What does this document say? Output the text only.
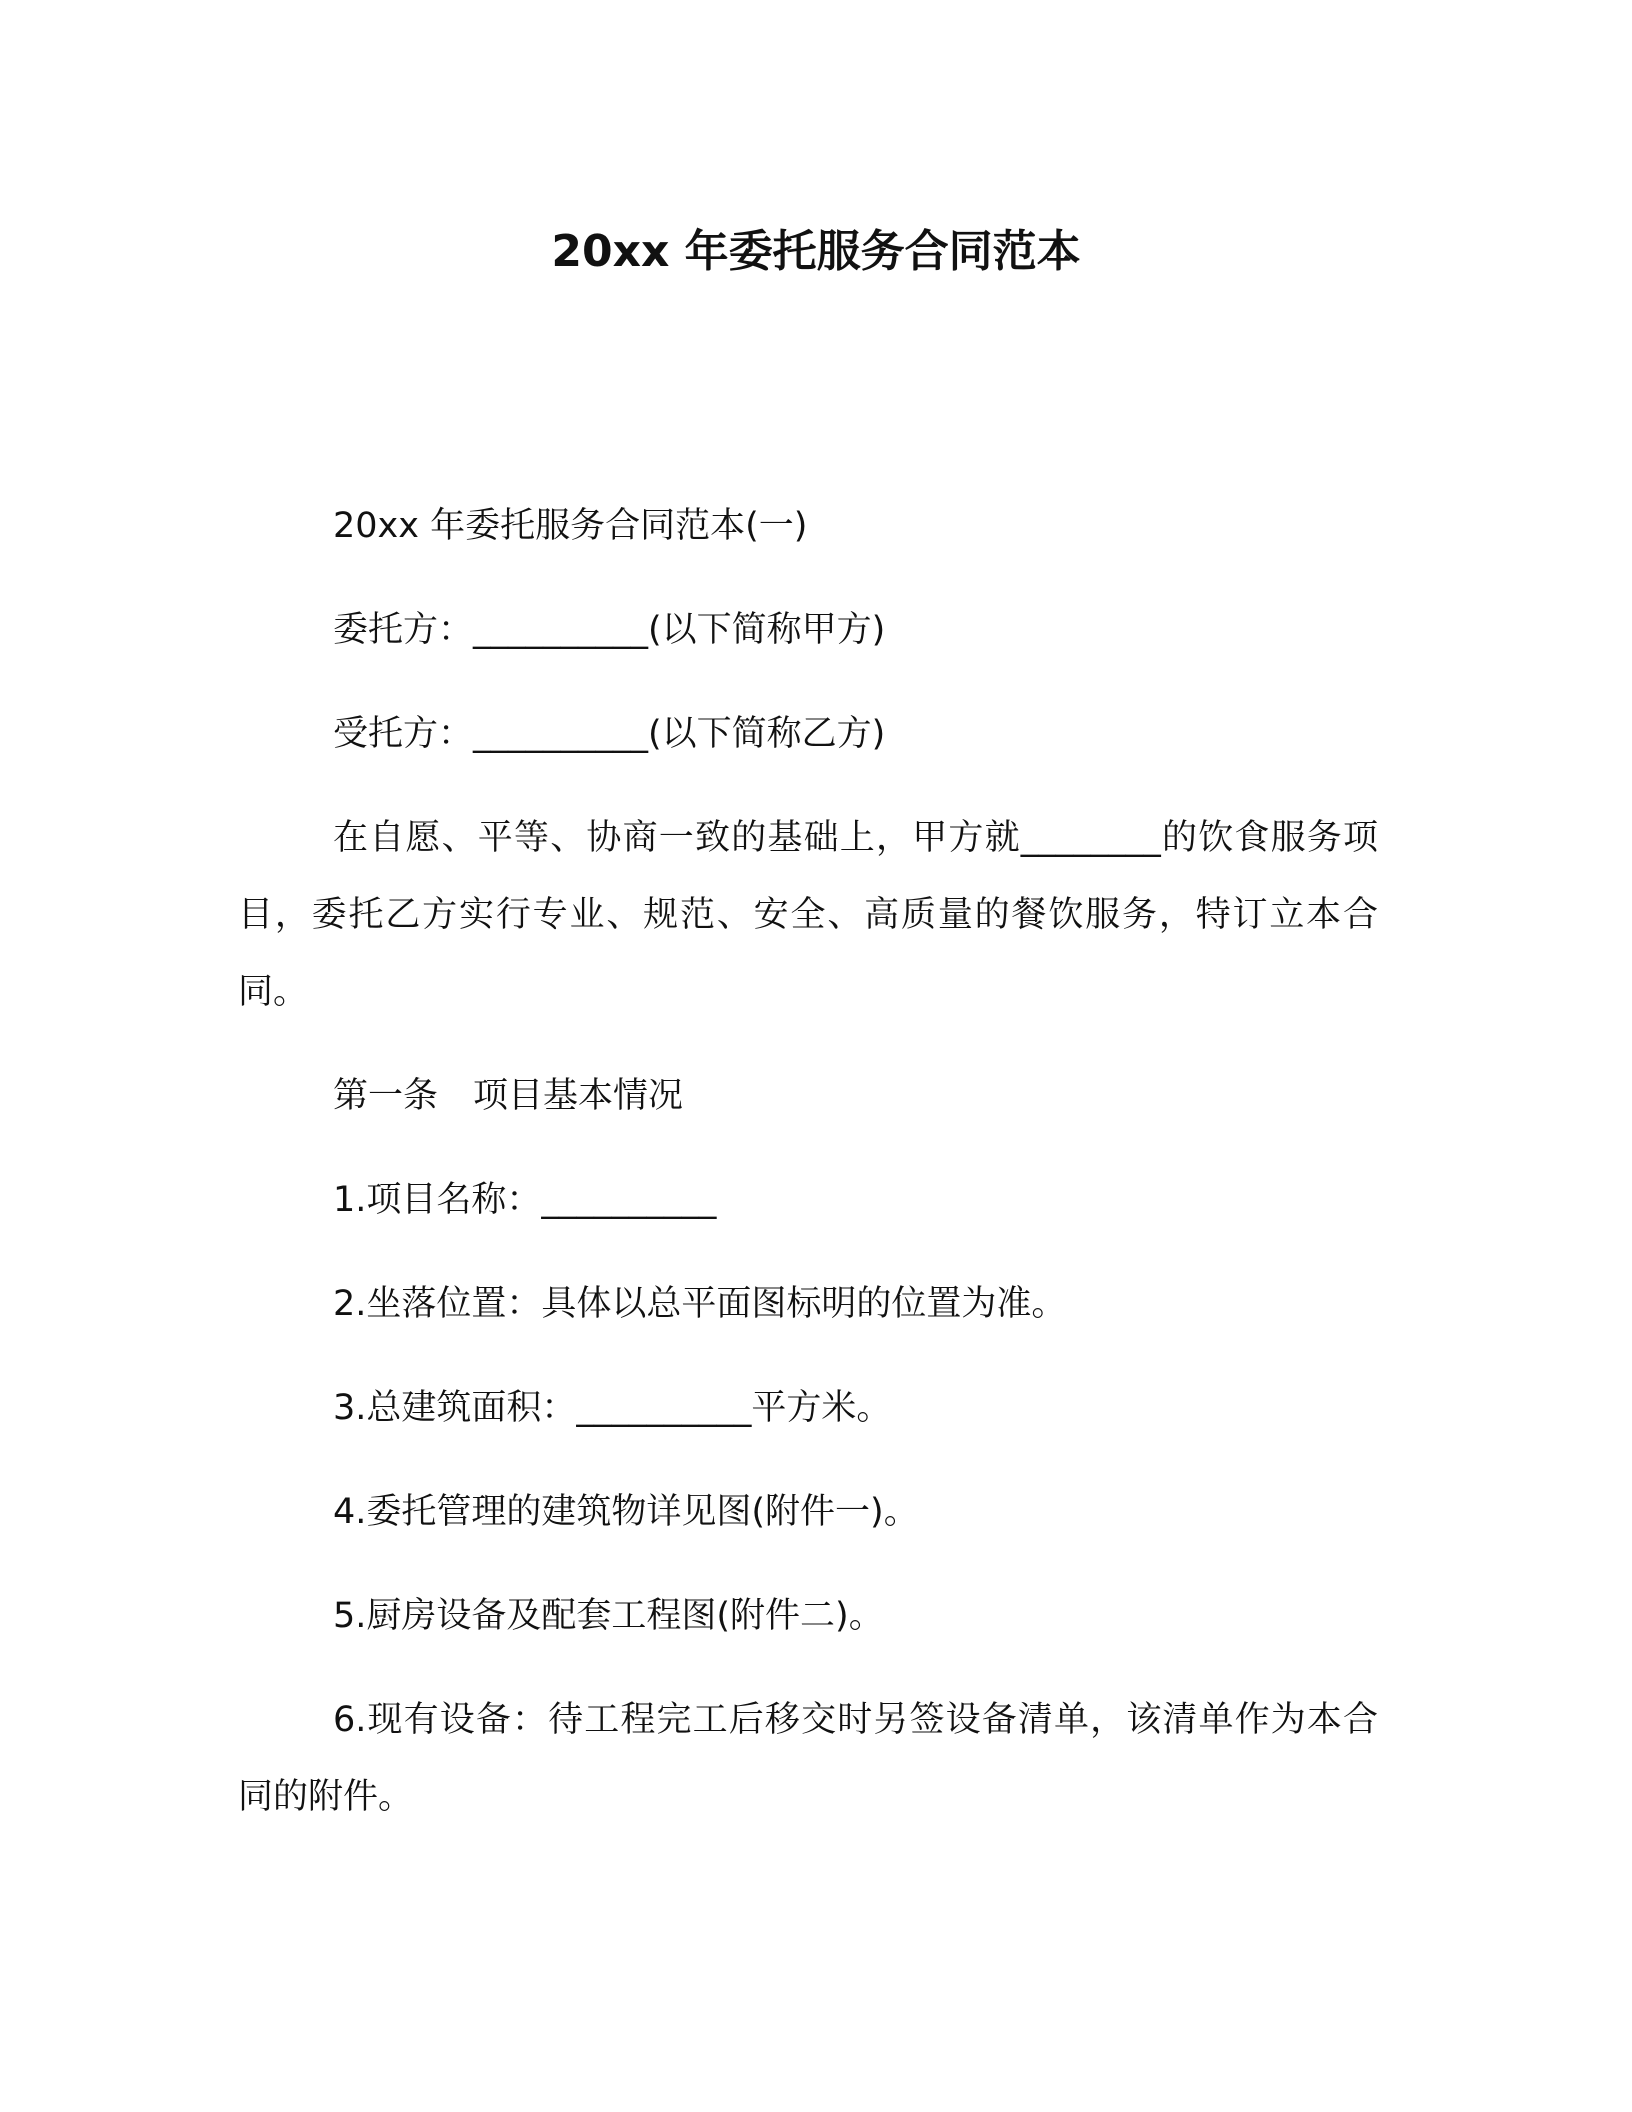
20xx 年委托服务合同范本

20xx 年委托服务合同范本(一)

委托方：__________(以下简称甲方)

受托方：__________(以下简称乙方)

在自愿、平等、协商一致的基础上，甲方就________的饮食服务项目，委托乙方实行专业、规范、安全、高质量的餐饮服务，特订立本合同。

第一条　项目基本情况

1.项目名称：__________

2.坐落位置：具体以总平面图标明的位置为准。

3.总建筑面积：__________平方米。

4.委托管理的建筑物详见图(附件一)。

5.厨房设备及配套工程图(附件二)。

6.现有设备：待工程完工后移交时另签设备清单，该清单作为本合同的附件。
